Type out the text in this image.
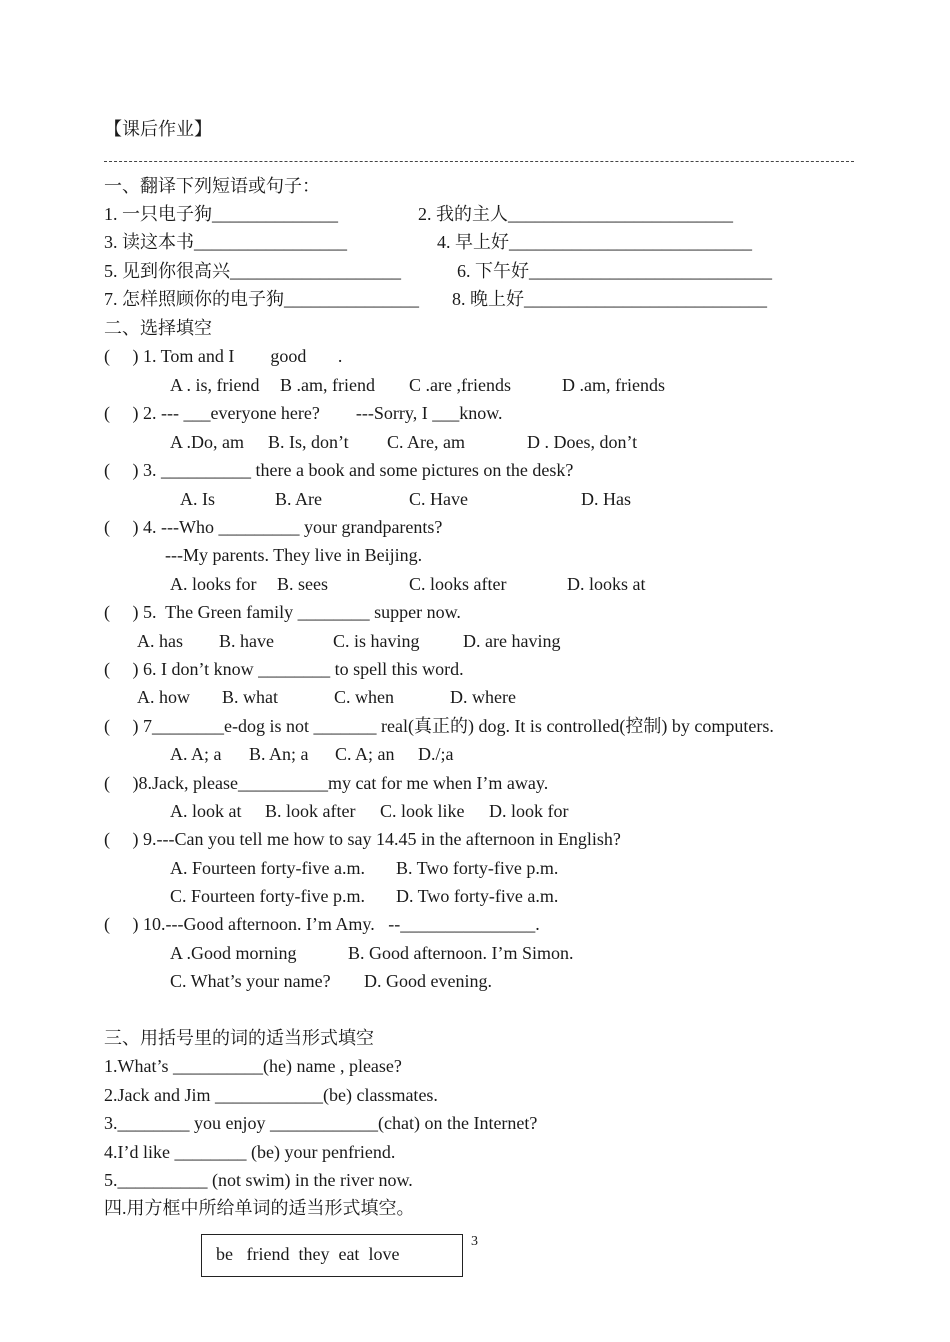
【课后作业】
一、翻译下列短语或句子：
1. 一只电子狗______________	2. 我的主人_________________________
3. 读这本书_________________	4. 早上好___________________________
5. 见到你很高兴___________________	6. 下午好___________________________
7. 怎样照顾你的电子狗_______________ 8. 晚上好___________________________
二、选择填空
(     ) 1. Tom and I        good       .
A . is, friend B .am, friend C .are ,friends	D .am, friends
(     ) 2. --- ___everyone here?        ---Sorry, I ___know.
A .Do, am B. Is, don’t C. Are, am	D . Does, don’t
(     ) 3. __________ there a book and some pictures on the desk?
A. Is	B. Are	C. Have	D. Has
(     ) 4. ---Who _________ your grandparents?
---My parents. They live in Beijing.
A. looks for B. sees	C. looks after	D. looks at
(     ) 5.  The Green family ________ supper now.
A. has B. have	C. is having D. are having
(     ) 6. I don’t know ________ to spell this word.
A. how B. what	C. when	D. where
(     ) 7________e-dog is not _______ real(真正的) dog. It is controlled(控制) by computers.
A. A; a B. An; a C. A; an D./;a
(     )8.Jack, please__________my cat for me when I’m away.
A. look at B. look after C. look like D. look for
(     ) 9.---Can you tell me how to say 14.45 in the afternoon in English?
A. Fourteen forty-five a.m. B. Two forty-five p.m.
C. Fourteen forty-five p.m. D. Two forty-five a.m.
(     ) 10.---Good afternoon. I’m Amy.   --_______________.
A .Good morning	B. Good afternoon. I’m Simon.
C. What’s your name? D. Good evening.
三、用括号里的词的适当形式填空
1.What’s __________(he) name , please?
2.Jack and Jim ____________(be) classmates.
3.________ you enjoy ____________(chat) on the Internet?
4.I’d like ________ (be) your penfriend.
5.__________ (not swim) in the river now.
四.用方框中所给单词的适当形式填空。
be   friend  they  eat  love
3
